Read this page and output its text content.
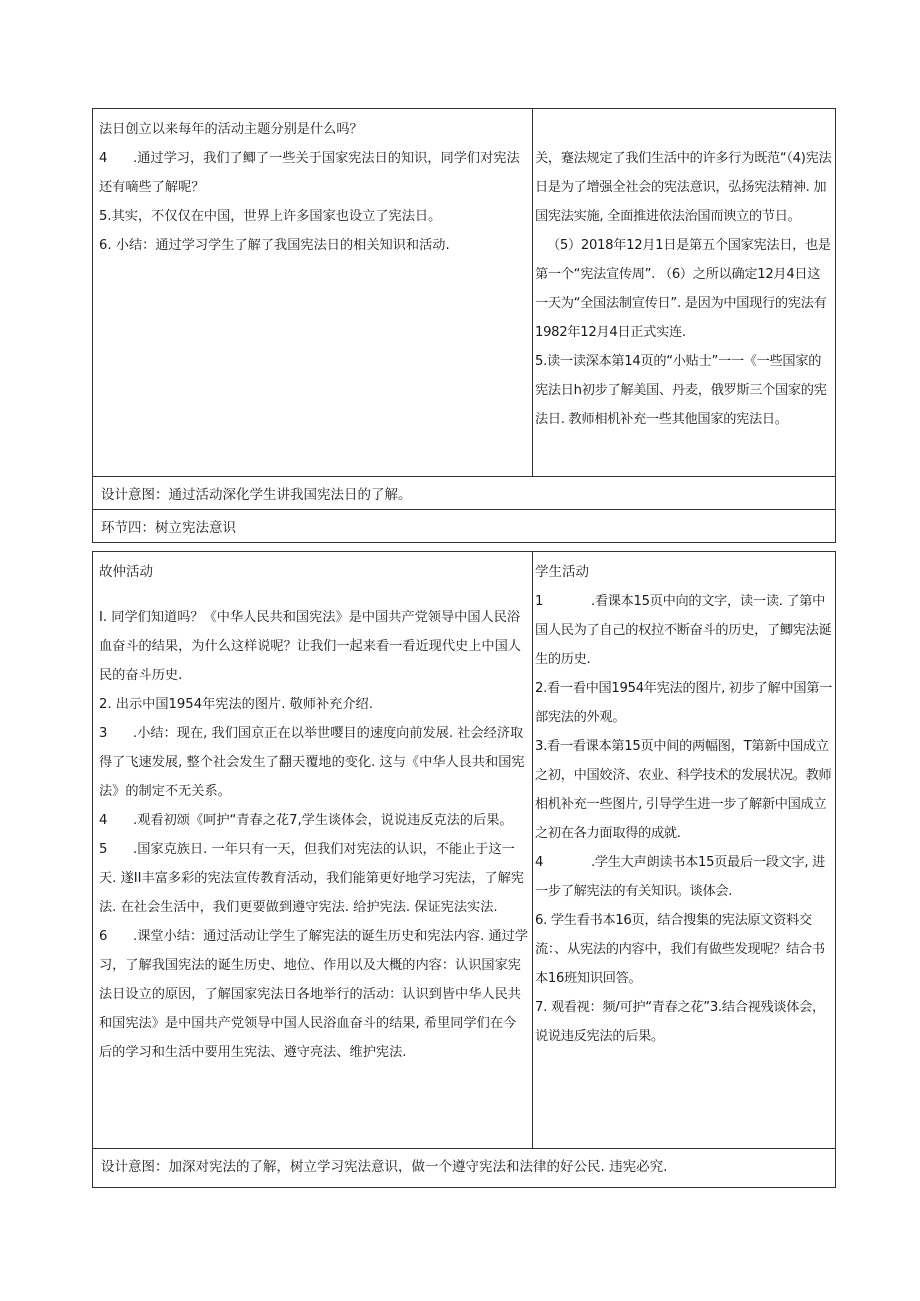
法日创立以来每年的活动主题分别是什么吗？

4 .通过学习，我们了鲫了一些关于国家宪法日的知识，同学们对宪法还有嘀些了解呢？

5.其实，不仅仅在中国，世界上许多国家也设立了宪法日。

6. 小结：通过学习学生了解了我国宪法日的相关知识和活动.

关，蹇法规定了我们生活中的许多行为既范“（4)宪法日是为了增强全社会的宪法意识，弘扬宪法精神. 加国宪法实施, 全面推进依法治国而谀立的节日。

（5）2018年12月1日是第五个国家宪法日，也是第一个“宪法宣传周”. （6）之所以确定12月4日这一天为“全国法制宣传日”. 是因为中国现行的宪法有1982年12月4日正式实连.

5.读一读深本第14页的“小贴士”一一《一些国家的宪法日h初步了解美国、丹麦，俄罗斯三个国家的宪法日. 教师相机补充一些其他国家的宪法日。

设计意图：通过活动深化学生讲我国宪法日的了解。

环节四：树立宪法意识

故仲活动

I. 同学们知道吗？《中华人民共和国宪法》是中国共产党领导中国人民浴血奋斗的结果，为什么这样说呢？让我们一起来看一看近现代史上中国人民的奋斗历史.

2. 出示中国1954年宪法的图片. 敬师补充介绍.

3 .小结：现在, 我们国京正在以举世嘤目的速度向前发展. 社会经济取得了飞速发展, 整个社会发生了翻天覆地的变化. 这与《中华人艮共和国宪法》的制定不无关系。

4 .观看初颂《呵护“青春之花7,学生谈体会，说说违反克法的后果。

5 .国家克族日. 一年只有一天，但我们对宪法的认识，不能止于这一天. 遂II丰富多彩的宪法宣传教育活动，我们能第更好地学习宪法，了解宪法. 在社会生活中，我们更要做到遵守宪法. 给护宪法. 保证宪法实法.

6 .课堂小结：通过活动让学生了解宪法的诞生历史和宪法内容. 通过学习，了解我国宪法的诞生历史、地位、作用以及大概的内容：认识国家宪法日设立的原因，了解国家宪法日各地举行的活动：认识到皆中华人民共和国宪法》是中国共产党领导中国人民浴血奋斗的结果, 希里同学们在今后的学习和生活中要用生宪法、遵守亮法、维护宪法.

学生活动

1	.看课本15页中向的文字，读一读. 了第中国人民为了自己的权拉不断奋斗的历史，了鲫宪法诞生的历史.

2.看一看中国1954年宪法的图片, 初步了解中国第一部宪法的外观。

3.看一看课本第15页中间的两幅图，T第新中国成立之初，中国姣济、农业、科学技术的发展状况。教师相机补充一些图片, 引导学生进一步了解新中国成立之初在各力面取得的成就.

4	.学生大声朗读书本15页最后一段文字, 进一步了解宪法的有关知识。谈体会.

6. 学生看书本16页，结合搜集的宪法原文资料交流：、从宪法的内容中，我们有做些发现呢？结合书本16班知识回答。

7. 观看视：频/可护“青春之花”3.结合视残谈体会，说说违反宪法的后果。

设计意图：加深对宪法的了解，树立学习宪法意识，做一个遵守宪法和法律的好公民. 违宪必究.
